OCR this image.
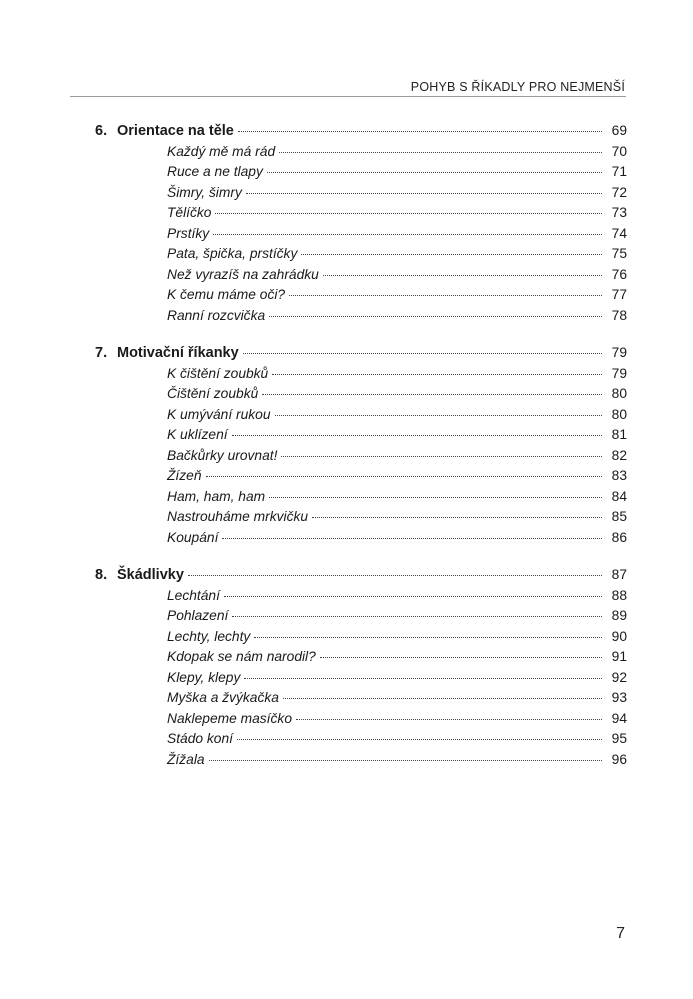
POHYB S ŘÍKADLY PRO NEJMENŠÍ
6. Orientace na těle	69
Každý mě má rád	70
Ruce a ne tlapy	71
Šimry, šimry	72
Tělíčko	73
Prstíky	74
Pata, špička, prstíčky	75
Než vyrazíš na zahrádku	76
K čemu máme oči?	77
Ranní rozcvička	78
7. Motivační říkanky	79
K čištění zoubků	79
Čištění zoubků	80
K umývání rukou	80
K uklízení	81
Bačkůrky urovnat!	82
Žízeň	83
Ham, ham, ham	84
Nastrouháme mrkvičku	85
Koupání	86
8. Škádlivky	87
Lechtání	88
Pohlazení	89
Lechty, lechty	90
Kdopak se nám narodil?	91
Klepy, klepy	92
Myška a žvýkačka	93
Naklepeme masíčko	94
Stádo koní	95
Žížala	96
7
